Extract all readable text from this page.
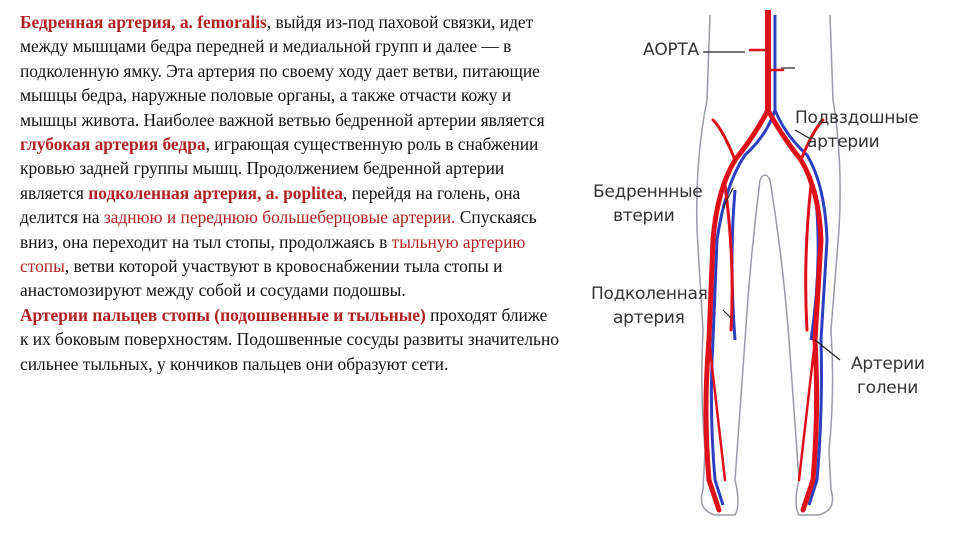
Бедренная артерия, a. femoralis, выйдя из-под паховой связки, идет между мышцами бедра передней и медиальной групп и далее — в подколенную ямку. Эта артерия по своему ходу дает ветви, питающие мышцы бедра, наружные половые органы, а также отчасти кожу и мышцы живота. Наиболее важной ветвью бедренной артерии является глубокая артерия бедра, играющая существенную роль в снабжении кровью задней группы мышц. Продолжением бедренной артерии является подколенная артерия, a. poplitea, перейдя на голень, она делится на заднюю и переднюю большеберцовые артерии. Спускаясь вниз, она переходит на тыл стопы, продолжаясь в тыльную артерию стопы, ветви которой участвуют в кровоснабжении тыла стопы и анастомозируют между собой и сосудами подошвы.
Артерии пальцев стопы (подошвенные и тыльные) проходят ближе к их боковым поверхностям. Подошвенные сосуды развиты значительно сильнее тыльных, у кончиков пальцев они образуют сети.
АОРТА
Подвздошные
артерии
Бедреннные
втерии
Подколенная
артерия
Артерии
голени
